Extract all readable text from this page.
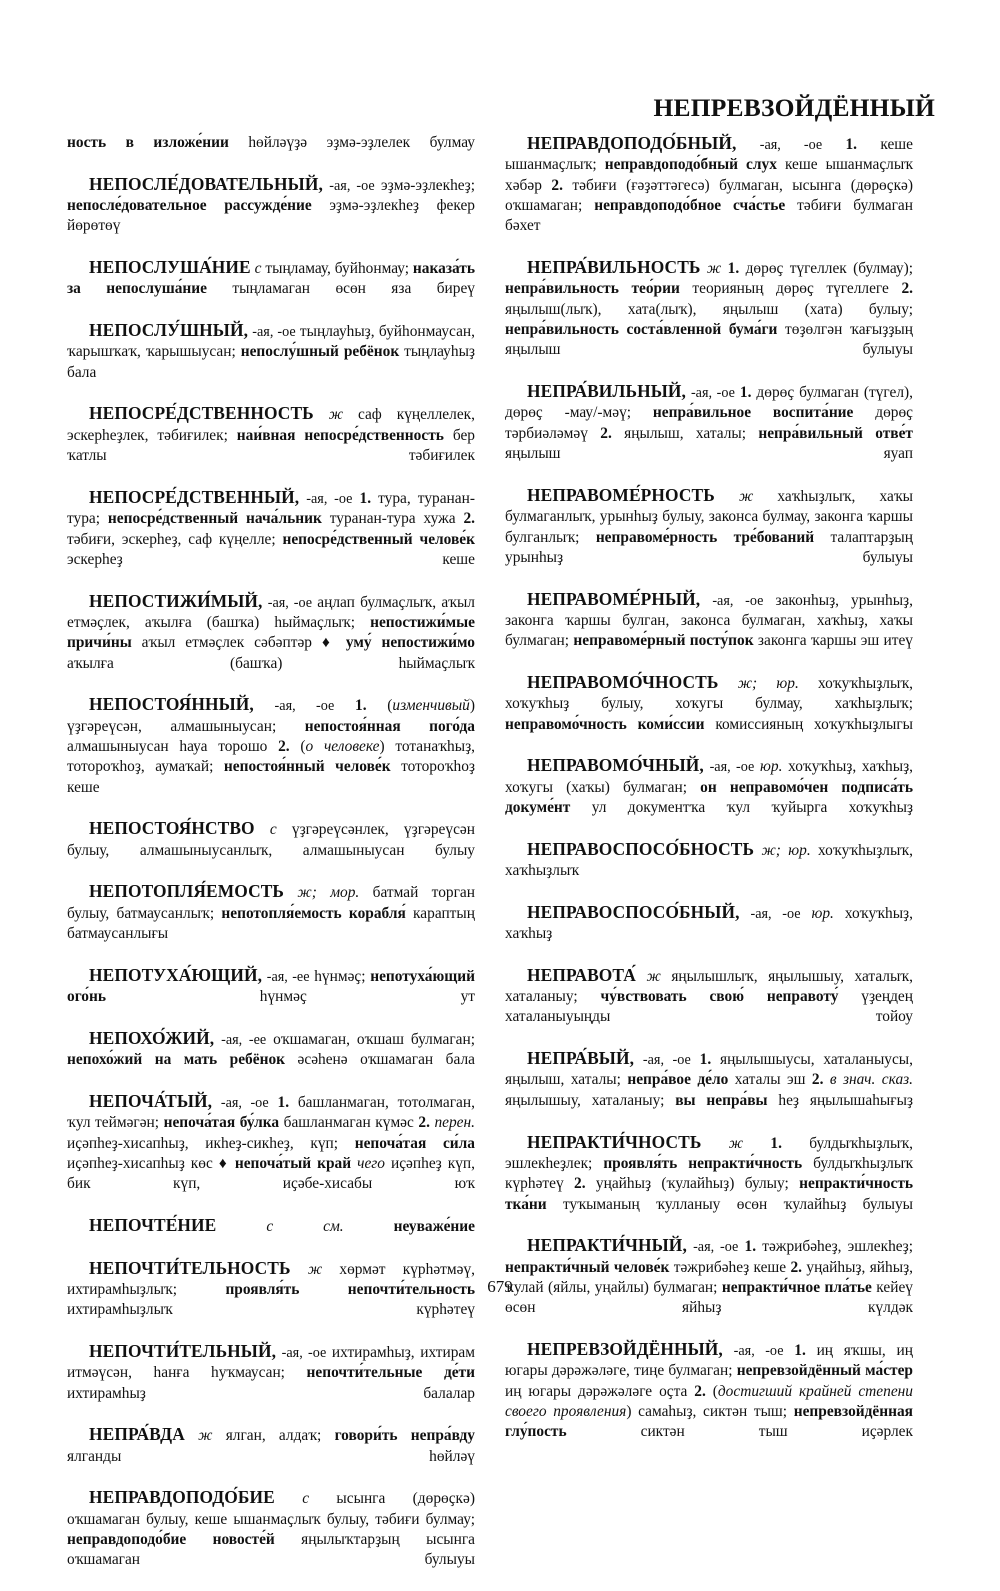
НЕПРЕВЗОЙДЁННЫЙ

ность в изложе́нии һөйләүҙә эҙмә-эҙлелек булмау

НЕПОСЛЕ́ДОВАТЕЛЬНЫЙ, -ая, -ое эҙмә-эҙлекһеҙ; непосле́довательное рассужде́ние эҙмә-эҙлекһеҙ фекер йөрөтөү

НЕПОСЛУША́НИЕ с тыңламау, буйһонмау; наказа́ть за непослуша́ние тыңламаган өсөн яза биреү

НЕПОСЛУ́ШНЫЙ, -ая, -ое тыңлауһыҙ, буйһонмаусан, ҡарышҡаҡ, ҡарышыусан; непослу́шный ребёнок тыңлауһыҙ бала

НЕПОСРЕ́ДСТВЕННОСТЬ ж саф күңеллелек, эскерһеҙлек, тәбиғилек; наи́вная непосре́дственность бер ҡатлы тәбиғилек

НЕПОСРЕ́ДСТВЕННЫЙ, -ая, -ое 1. тура, туранан-тура; непосре́дственный нача́льник туранан-тура хужа 2. тәбиғи, эскерһеҙ, саф күңелле; непосре́дственный челове́к эскерһеҙ кеше

НЕПОСТИЖИ́МЫЙ, -ая, -ое аңлап булмаҫлыҡ, аҡыл етмәҫлек, аҡылға (башҡа) һыймаҫлыҡ; непостижи́мые причи́ны аҡыл етмәҫлек сәбәптәр ♦ уму́ непостижи́мо аҡылға (башҡа) һыймаҫлыҡ

НЕПОСТОЯ́ННЫЙ, -ая, -ое 1. (изменчивый) үҙгәреүсән, алмашыныусан; непостоя́нная пого́да алмашыныусан һауа торошо 2. (о человеке) тотанаҡһыҙ, тотороҡһоҙ, аумаҡай; непостоя́нный челове́к тотороҡһоҙ кеше

НЕПОСТОЯ́НСТВО с үҙгәреүсәнлек, үҙгәреүсән булыу, алмашыныусанлыҡ, алмашыныусан булыу

НЕПОТОПЛЯ́ЕМОСТЬ ж; мор. батмай торган булыу, батмаусанлыҡ; непотопля́емость корабля́ караптың батмаусанлығы

НЕПОТУХА́ЮЩИЙ, -ая, -ее һүнмәҫ; непотуха́ющий ого́нь һүнмәҫ ут

НЕПОХО́ЖИЙ, -ая, -ее оҡшамаган, оҡшаш булмаган; непохо́жий на мать ребёнок әсәһенә оҡшамаган бала

НЕПОЧА́ТЫЙ, -ая, -ое 1. башланмаган, тотолмаган, ҡул теймәгән; непоча́тая бу́лка башланмаган күмәс 2. перен. иҫәпһеҙ-хисапһыҙ, икһеҙ-сикһеҙ, күп; непоча́тая си́ла иҫәпһеҙ-хисапһыҙ көс ♦ непоча́тый край чего иҫәпһеҙ күп, бик күп, иҫәбе-хисабы юҡ

НЕПОЧТЕ́НИЕ	с см.	неуваже́ние

НЕПОЧТИ́ТЕЛЬНОСТЬ ж хөрмәт күрһәтмәү, ихтирамһыҙлыҡ; проявля́ть непочти́тельность ихтирамһыҙлыҡ күрһәтеү

НЕПОЧТИ́ТЕЛЬНЫЙ, -ая, -ое ихтирамһыҙ, ихтирам итмәүсән, һанға һуҡмаусан; непочти́тельные де́ти ихтирамһыҙ балалар

НЕПРА́ВДА ж ялган, алдаҡ; говори́ть непра́вду ялганды һөйләү

НЕПРАВДОПОДО́БИЕ с ысынга (дөрөҫкә) оҡшамаган булыу, кеше ышанмаҫлыҡ булыу, тәбиғи булмау; неправдоподо́бие новосте́й яңылыҡтарҙың ысынга оҡшамаган булыуы

НЕПРАВДОПОДО́БНЫЙ, -ая, -ое 1. кеше ышанмаҫлыҡ; неправдоподо́бный слух кеше ышанмаҫлыҡ хәбәр 2. тәбиғи (ғәҙәттәгесә) булмаган, ысынга (дөрөҫкә) оҡшамаган; неправдоподо́бное сча́стье тәбиғи булмаган бәхет

НЕПРА́ВИЛЬНОСТЬ ж 1. дөрөҫ түгеллек (булмау); непра́вильность тео́рии теорияның дөрөҫ түгеллеге 2. яңылыш(лыҡ), хата(лыҡ), яңылыш (хата) булыу; непра́вильность соста́вленной бума́ги төҙөлгән ҡағыҙҙың яңылыш булыуы

НЕПРА́ВИЛЬНЫЙ, -ая, -ое 1. дөрөҫ булмаган (түгел), дөрөҫ -мау/-мәү; непра́вильное воспита́ние дөрөҫ тәрбиәләмәү 2. яңылыш, хаталы; непра́вильный отве́т яңылыш яуап

НЕПРАВОМЕ́РНОСТЬ ж хаҡһыҙлыҡ, хаҡы булмаганлыҡ, урынһыҙ булыу, законса булмау, законга ҡаршы булганлыҡ; неправоме́рность тре́бований талаптарҙың урынһыҙ булыуы

НЕПРАВОМЕ́РНЫЙ, -ая, -ое законһыҙ, урынһыҙ, законга ҡаршы булган, законса булмаган, хаҡһыҙ, хаҡы булмаган; неправоме́рный посту́пок законга ҡаршы эш итеү

НЕПРАВОМО́ЧНОСТЬ ж; юр. хоҡуҡһыҙлыҡ, хоҡуҡһыҙ булыу, хоҡугы булмау, хаҡһыҙлыҡ; неправомо́чность коми́ссии комиссияның хоҡуҡһыҙлыгы

НЕПРАВОМО́ЧНЫЙ, -ая, -ое юр. хоҡуҡһыҙ, хаҡһыҙ, хоҡугы (хаҡы) булмаган; он неправомо́чен подписа́ть докуме́нт ул документҡа ҡул ҡуйырга хоҡуҡһыҙ

НЕПРАВОСПОСО́БНОСТЬ ж; юр. хоҡуҡһыҙлыҡ, хаҡһыҙлыҡ

НЕПРАВОСПОСО́БНЫЙ, -ая, -ое юр. хоҡуҡһыҙ, хаҡһыҙ

НЕПРАВОТА́ ж яңылышлыҡ, яңылышыу, хаталыҡ, хаталаныу; чу́вствовать свою́ неправоту́ үҙеңдең хаталаныуыңды тойоу

НЕПРА́ВЫЙ, -ая, -ое 1. яңылышыусы, хаталаныусы, яңылыш, хаталы; непра́вое де́ло хаталы эш 2. в знач. сказ. яңылышыу, хаталаныу; вы непра́вы һеҙ яңылышаһығыҙ

НЕПРАКТИ́ЧНОСТЬ ж 1. булдыҡһыҙлыҡ, эшлекһеҙлек; проявля́ть непракти́чность булдыҡһыҙлыҡ күрһәтеү 2. уңайһыҙ (ҡулайһыҙ) булыу; непракти́чность тка́ни туҡыманың ҡулланыу өсөн ҡулайһыҙ булыуы

НЕПРАКТИ́ЧНЫЙ, -ая, -ое 1. тәжрибәһеҙ, эшлекһеҙ; непракти́чный челове́к тәжрибәһеҙ кеше 2. уңайһыҙ, яйһыҙ, ҡулай (яйлы, уңайлы) булмаган; непракти́чное пла́тье кейеү өсөн яйһыҙ күлдәк

НЕПРЕВЗОЙДЁННЫЙ, -ая, -ое 1. иң яҡшы, иң югары дәрәжәләге, тиңе булмаган; непревзойдённый ма́стер иң югары дәрәжәләге оҫта 2. (достигший крайней степени своего проявления) самаһыҙ, сиктән тыш; непревзойдённая глу́пость сиктән тыш иҫәрлек

679
